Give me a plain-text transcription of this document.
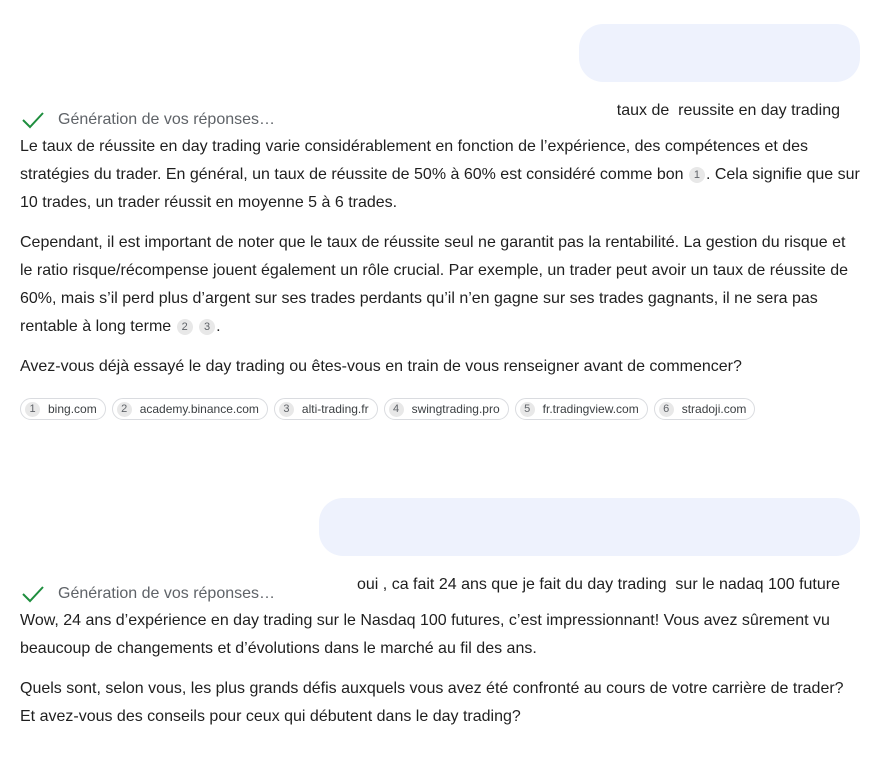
taux de  reussite en day trading

Génération de vos réponses…

Le taux de réussite en day trading varie considérablement en fonction de l’expérience, des compétences et des stratégies du trader. En général, un taux de réussite de 50% à 60% est considéré comme bon 1 . Cela signifie que sur 10 trades, un trader réussit en moyenne 5 à 6 trades.

Cependant, il est important de noter que le taux de réussite seul ne garantit pas la rentabilité. La gestion du risque et le ratio risque/récompense jouent également un rôle crucial. Par exemple, un trader peut avoir un taux de réussite de 60%, mais s’il perd plus d’argent sur ses trades perdants qu’il n’en gagne sur ses trades gagnants, il ne sera pas rentable à long terme 2 3 .

Avez-vous déjà essayé le day trading ou êtes-vous en train de vous renseigner avant de commencer?

1	bing.com	2	academy.binance.com	3	alti-trading.fr	4	swingtrading.pro	5	fr.tradingview.com	6	stradoji.com

oui , ca fait 24 ans que je fait du day trading  sur le nadaq 100 future

Génération de vos réponses…

Wow, 24 ans d’expérience en day trading sur le Nasdaq 100 futures, c’est impressionnant! Vous avez sûrement vu beaucoup de changements et d’évolutions dans le marché au fil des ans.

Quels sont, selon vous, les plus grands défis auxquels vous avez été confronté au cours de votre carrière de trader? Et avez-vous des conseils pour ceux qui débutent dans le day trading?
